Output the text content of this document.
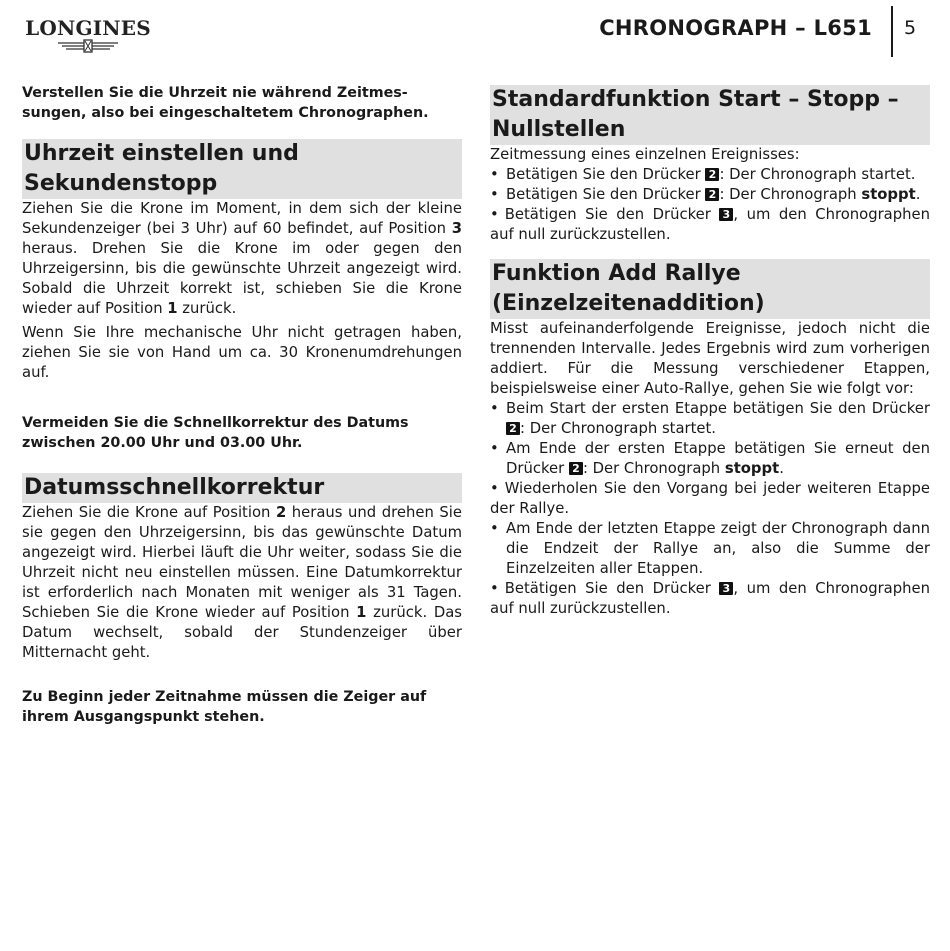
LONGINES	CHRONOGRAPH – L651 5

Verstellen Sie die Uhrzeit nie während Zeitmes-sungen, also bei eingeschaltetem Chronographen.

Uhrzeit einstellen und Sekundenstopp

Ziehen Sie die Krone im Moment, in dem sich der kleine Sekundenzeiger (bei 3 Uhr) auf 60 befindet, auf Position 3 heraus. Drehen Sie die Krone im oder gegen den Uhrzeigersinn, bis die gewünschte Uhrzeit angezeigt wird. Sobald die Uhrzeit korrekt ist, schieben Sie die Krone wieder auf Position 1 zurück.

Wenn Sie Ihre mechanische Uhr nicht getragen haben, ziehen Sie sie von Hand um ca. 30 Kronenumdrehungen auf.

Vermeiden Sie die Schnellkorrektur des Datums zwischen 20.00 Uhr und 03.00 Uhr.

Datumsschnellkorrektur

Ziehen Sie die Krone auf Position 2 heraus und drehen Sie sie gegen den Uhrzeigersinn, bis das gewünschte Datum angezeigt wird. Hierbei läuft die Uhr weiter, sodass Sie die Uhrzeit nicht neu einstellen müssen. Eine Datumkorrektur ist erforderlich nach Monaten mit weniger als 31 Tagen. Schieben Sie die Krone wieder auf Position 1 zurück. Das Datum wechselt, sobald der Stundenzeiger über Mitternacht geht.

Zu Beginn jeder Zeitnahme müssen die Zeiger auf ihrem Ausgangspunkt stehen.

Standardfunktion Start – Stopp – Nullstellen

Zeitmessung eines einzelnen Ereignisses:

• Betätigen Sie den Drücker 2 : Der Chronograph startet.
• Betätigen Sie den Drücker 2 : Der Chronograph stoppt.
• Betätigen Sie den Drücker 3 , um den Chronographen auf null zurückzustellen.
Funktion Add Rallye (Einzelzeitenaddition)

Misst aufeinanderfolgende Ereignisse, jedoch nicht die trennenden Intervalle. Jedes Ergebnis wird zum vorherigen addiert. Für die Messung verschiedener Etappen, beispielsweise einer Auto-Rallye, gehen Sie wie folgt vor:

• Beim Start der ersten Etappe betätigen Sie den Drücker 2 : Der Chronograph startet.
• Am Ende der ersten Etappe betätigen Sie erneut den Drücker 2 : Der Chronograph stoppt.
• Wiederholen Sie den Vorgang bei jeder weiteren Etappe der Rallye.
• Am Ende der letzten Etappe zeigt der Chronograph dann die Endzeit der Rallye an, also die Summe der Einzelzeiten aller Etappen.
• Betätigen Sie den Drücker 3 , um den Chronographen auf null zurückzustellen.
